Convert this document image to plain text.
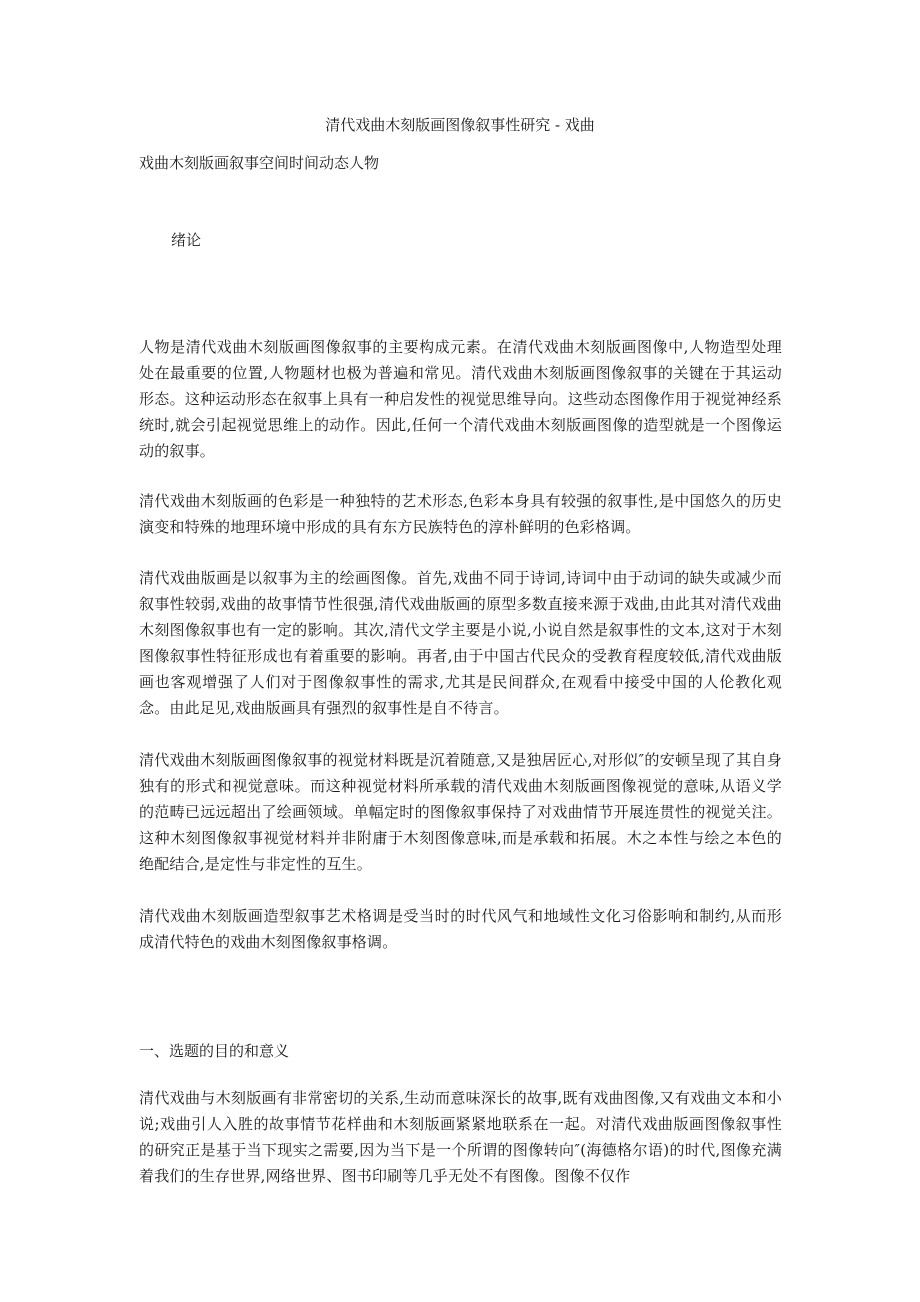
清代戏曲木刻版画图像叙事性研究 - 戏曲

戏曲木刻版画叙事空间时间动态人物

绪论

人物是清代戏曲木刻版画图像叙事的主要构成元素。在清代戏曲木刻版画图像中,人物造型处理处在最重要的位置,人物题材也极为普遍和常见。清代戏曲木刻版画图像叙事的关键在于其运动形态。这种运动形态在叙事上具有一种启发性的视觉思维导向。这些动态图像作用于视觉神经系统时,就会引起视觉思维上的动作。因此,任何一个清代戏曲木刻版画图像的造型就是一个图像运动的叙事。

清代戏曲木刻版画的色彩是一种独特的艺术形态,色彩本身具有较强的叙事性,是中国悠久的历史演变和特殊的地理环境中形成的具有东方民族特色的淳朴鲜明的色彩格调。

清代戏曲版画是以叙事为主的绘画图像。首先,戏曲不同于诗词,诗词中由于动词的缺失或减少而叙事性较弱,戏曲的故事情节性很强,清代戏曲版画的原型多数直接来源于戏曲,由此其对清代戏曲木刻图像叙事也有一定的影响。其次,清代文学主要是小说,小说自然是叙事性的文本,这对于木刻图像叙事性特征形成也有着重要的影响。再者,由于中国古代民众的受教育程度较低,清代戏曲版画也客观增强了人们对于图像叙事性的需求,尤其是民间群众,在观看中接受中国的人伦教化观念。由此足见,戏曲版画具有强烈的叙事性是自不待言。

清代戏曲木刻版画图像叙事的视觉材料既是沉着随意,又是独居匠心,对形似″的安顿呈现了其自身独有的形式和视觉意味。而这种视觉材料所承载的清代戏曲木刻版画图像视觉的意味,从语义学的范畴已远远超出了绘画领域。单幅定时的图像叙事保持了对戏曲情节开展连贯性的视觉关注。这种木刻图像叙事视觉材料并非附庸于木刻图像意味,而是承载和拓展。木之本性与绘之本色的绝配结合,是定性与非定性的互生。

清代戏曲木刻版画造型叙事艺术格调是受当时的时代风气和地域性文化习俗影响和制约,从而形成清代特色的戏曲木刻图像叙事格调。

一、选题的目的和意义

清代戏曲与木刻版画有非常密切的关系,生动而意味深长的故事,既有戏曲图像,又有戏曲文本和小说;戏曲引人入胜的故事情节花样曲和木刻版画紧紧地联系在一起。对清代戏曲版画图像叙事性的研究正是基于当下现实之需要,因为当下是一个所谓的图像转向″(海德格尔语)的时代,图像充满着我们的生存世界,网络世界、图书印刷等几乎无处不有图像。图像不仅作
